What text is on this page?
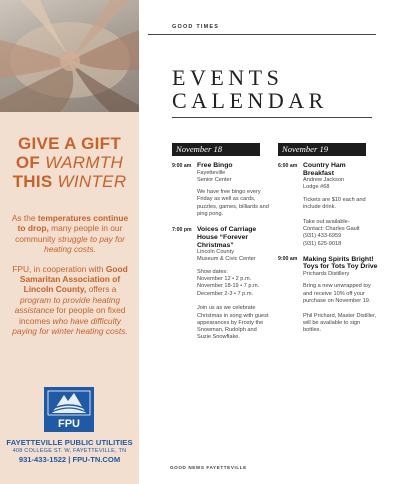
GIVE A GIFT
OF WARMTH
THIS WINTER

As the temperatures continue to drop, many people in our community struggle to pay for heating costs.

FPU, in cooperation with Good Samaritan Association of Lincoln County, offers a program to provide heating assistance for people on fixed incomes who have difficulty paying for winter heating costs.

FPU
FAYETTEVILLE PUBLIC UTILITIES
408 COLLEGE ST. W, FAYETTEVILLE, TN
931-433-1522 | FPU-TN.COM
GOOD TIMES
EVENTS
CALENDAR
November 18
9:00 am Free Bingo
Fayetteville
Senior Center
We have free bingo every Friday as well as cards, puzzles, games, billiards and ping pong.
7:00 pm Voices of Carriage House “Forever Christmas”
Lincoln County
Museum & Civic Center
Show dates:
November 12 • 2 p.m.
November 18-19 • 7 p.m.
December 2-3 • 7 p.m.

Join us as we celebrate Christmas in song with guest appearances by Frosty the Snowman, Rudolph and Suzie Snowflake.
November 19
6:00 am Country Ham Breakfast
Andrew Jackson
Lodge #68
Tickets are $10 each and include drink.

Take out available-
Contact: Charles Gault
(931) 433-6959
(931) 625-9018
9:00 am Making Spirits Bright! Toys for Tots Toy Drive
Prichards Distillery
Bring a new unwrapped toy and receive 10% off your purchase on November 19.

Phil Prichard, Master Distiller, will be available to sign bottles.
GOOD NEWS FAYETTEVILLE
